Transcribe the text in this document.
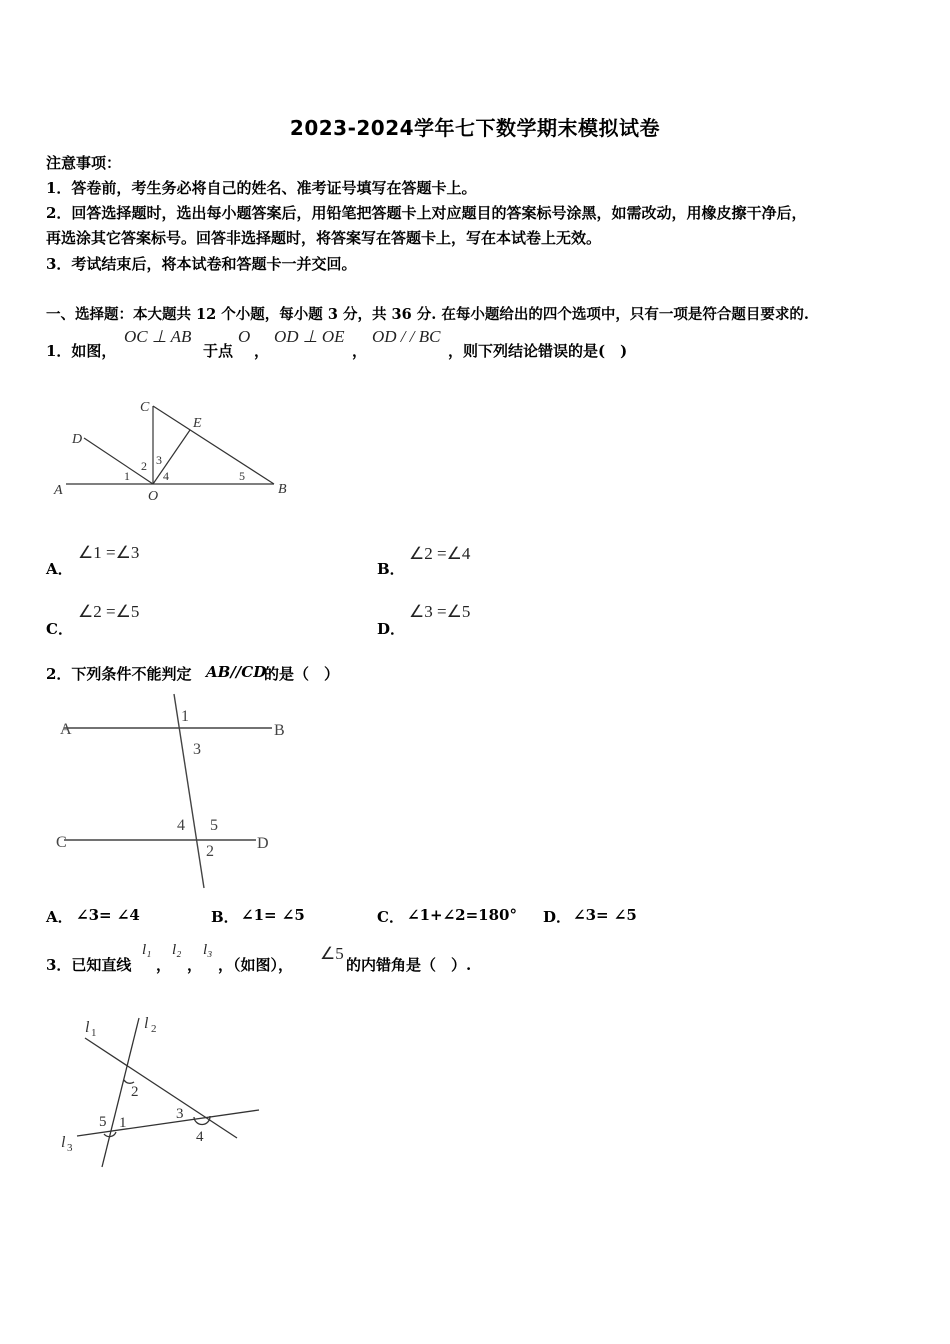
2023-2024学年七下数学期末模拟试卷
注意事项：
1．答卷前，考生务必将自己的姓名、准考证号填写在答题卡上。
2．回答选择题时，选出每小题答案后，用铅笔把答题卡上对应题目的答案标号涂黑，如需改动，用橡皮擦干净后，
再选涂其它答案标号。回答非选择题时，将答案写在答题卡上，写在本试卷上无效。
3．考试结束后，将本试卷和答题卡一并交回。
一、选择题：本大题共 12 个小题，每小题 3 分，共 36 分. 在每小题给出的四个选项中，只有一项是符合题目要求的.
1．如图，
OC ⊥ AB
于点
O
，
OD ⊥ OE
，
OD / / BC
，则下列结论错误的是(　)
A	B
C
D
E
O
1
2 3
4	5
A．
∠1 =∠3
B．
∠2 =∠4
C．
∠2 =∠5
D．
∠3 =∠5
2．下列条件不能判定 AB//CD
的是（　）
A	B
C	D
1
3
4 5
2
A． ∠3= ∠4	B． ∠1= ∠5	C． ∠1+∠2=180° D． ∠3= ∠5
3．已知直线
l₁
，
l₂
，
l₃
，（如图），
∠5
的内错角是（　）.
l	l
l
1	2
3
2
5 1
3
4
